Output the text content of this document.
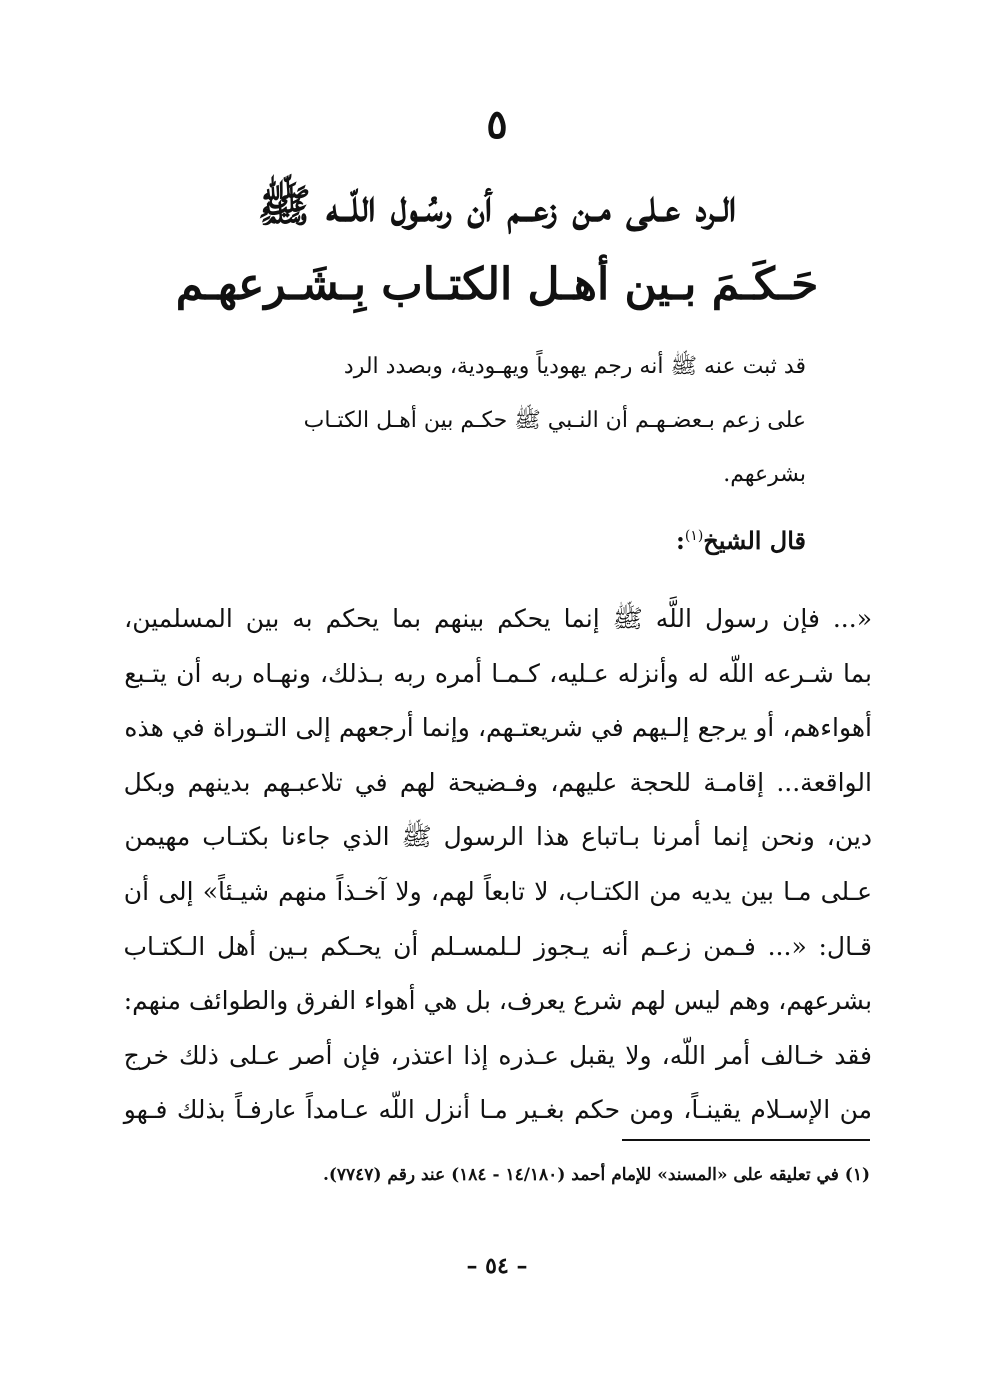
٥
الـرد عـلى مـن زعــم أن رسُـول اللّــه ﷺ
حَـكَـمَ بـين أهـل الكتـاب بِـشَـرعهـم
قد ثبت عنه ﷺ أنه رجم يهودياً ويهـودية، وبصدد الرد
على زعم بـعضـهـم أن النـبي ﷺ حكـم بين أهـل الكتـاب
بشرعهم.
قال الشيخ$^{(١)}$:
«... فإن رسول اللَّه ﷺ إنما يحكم بينهم بما يحكم به بين المسلمين،
بما شـرعه اللّه له وأنزله عـليه، كـمـا أمره ربه بـذلك، ونهـاه ربه أن يتـبع
أهواءهم، أو يرجع إلـيهم في شريعتـهم، وإنما أرجعهم إلى التـوراة في هذه
الواقعة... إقامـة للحجة عليهم، وفـضيحة لهم في تلاعبـهم بدينهم وبكل
دين، ونحن إنما أمرنا بـاتباع هذا الرسول ﷺ الذي جاءنا بكتـاب مهيمن
عـلى مـا بين يديه من الكتـاب، لا تابعاً لهم، ولا آخـذاً منهم شيـئاً» إلى أن
قـال: «... فـمن زعـم أنه يـجوز لـلمسـلم أن يحـكم بـين أهل الـكتـاب
بشرعهم، وهم ليس لهم شرع يعرف، بل هي أهواء الفرق والطوائف منهم:
فقد خـالف أمر اللّه، ولا يقبل عـذره إذا اعتذر، فإن أصر عـلى ذلك خرج
من الإسـلام يقينـاً، ومن حكم بغـير مـا أنزل اللّه عـامداً عارفـاً بذلك فـهو
(١) في تعليقه على «المسند» للإمام أحمد (١٤/١٨٠ - ١٨٤) عند رقم (٧٧٤٧).
– ٥٤ –
